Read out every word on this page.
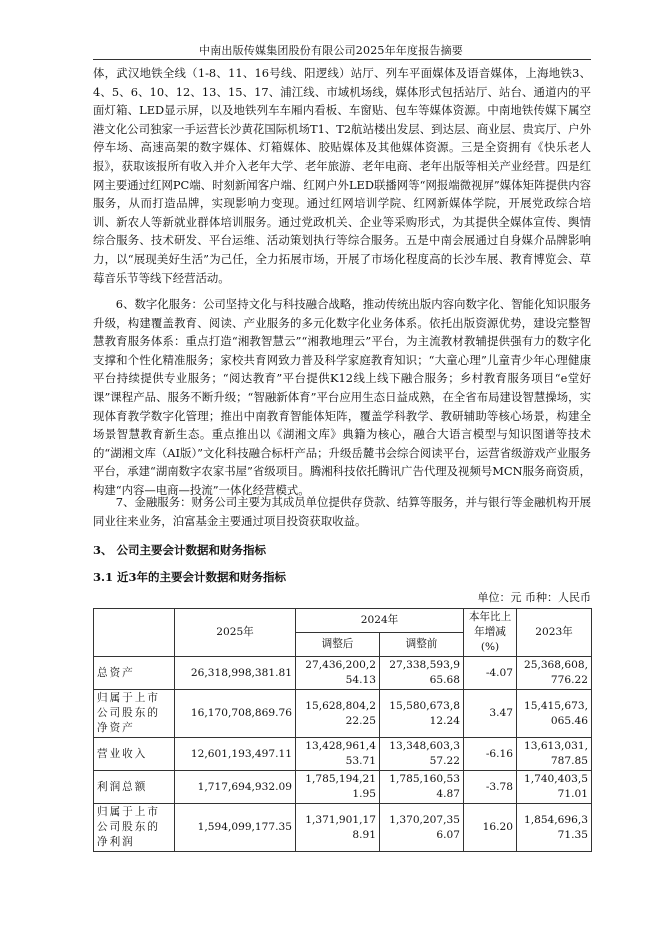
中南出版传媒集团股份有限公司2025年年度报告摘要

体，武汉地铁全线（1-8、11、16号线、阳逻线）站厅、列车平面媒体及语音媒体，上海地铁3、4、5、6、10、12、13、15、17、浦江线、市域机场线，媒体形式包括站厅、站台、通道内的平面灯箱、LED显示屏，以及地铁列车车厢内看板、车窗贴、包车等媒体资源。中南地铁传媒下属空港文化公司独家一手运营长沙黄花国际机场T1、T2航站楼出发层、到达层、商业层、贵宾厅、户外停车场、高速高架的数字媒体、灯箱媒体、胶贴媒体及其他媒体资源。三是全资拥有《快乐老人报》，获取该报所有收入并介入老年大学、老年旅游、老年电商、老年出版等相关产业经营。四是红网主要通过红网PC端、时刻新闻客户端、红网户外LED联播网等“网报端微视屏”媒体矩阵提供内容服务，从而打造品牌，实现影响力变现。通过红网培训学院、红网新媒体学院，开展党政综合培训、新农人等新就业群体培训服务。通过党政机关、企业等采购形式，为其提供全媒体宣传、舆情综合服务、技术研发、平台运维、活动策划执行等综合服务。五是中南会展通过自身媒介品牌影响力，以“展现美好生活”为己任，全力拓展市场，开展了市场化程度高的长沙车展、教育博览会、草莓音乐节等线下经营活动。

6、数字化服务：公司坚持文化与科技融合战略，推动传统出版内容向数字化、智能化知识服务升级，构建覆盖教育、阅读、产业服务的多元化数字化业务体系。依托出版资源优势，建设完整智慧教育服务体系：重点打造“湘教智慧云”“湘教地理云”平台，为主流教材教辅提供强有力的数字化支撑和个性化精准服务；家校共育网致力普及科学家庭教育知识；“大童心理”儿童青少年心理健康平台持续提供专业服务；“阅达教育”平台提供K12线上线下融合服务；乡村教育服务项目“e堂好课”课程产品、服务不断升级；“智融新体育”平台应用生态日益成熟，在全省布局建设智慧操场，实现体育教学数字化管理；推出中南教育智能体矩阵，覆盖学科教学、教研辅助等核心场景，构建全场景智慧教育新生态。重点推出以《湖湘文库》典籍为核心，融合大语言模型与知识图谱等技术的“湖湘文库（AI版）”文化科技融合标杆产品；升级岳麓书会综合阅读平台，运营省级游戏产业服务平台，承建“湖南数字农家书屋”省级项目。腾湘科技依托腾讯广告代理及视频号MCN服务商资质，构建“内容—电商—投流”一体化经营模式。

7、金融服务：财务公司主要为其成员单位提供存贷款、结算等服务，并与银行等金融机构开展同业往来业务，泊富基金主要通过项目投资获取收益。

3、 公司主要会计数据和财务指标
3.1 近3年的主要会计数据和财务指标
单位：元 币种：人民币
	2025年	2024年		本年比上年增减(%)	2023年
		调整后	调整前		
总资产	26,318,998,381.81	27,436,200,254.13	27,338,593,965.68	-4.07	25,368,608,776.22
归属于上市公司股东的净资产	16,170,708,869.76	15,628,804,222.25	15,580,673,812.24	3.47	15,415,673,065.46
营业收入	12,601,193,497.11	13,428,961,453.71	13,348,603,357.22	-6.16	13,613,031,787.85
利润总额	1,717,694,932.09	1,785,194,211.95	1,785,160,534.87	-3.78	1,740,403,571.01
归属于上市公司股东的净利润	1,594,099,177.35	1,371,901,178.91	1,370,207,356.07	16.20	1,854,696,371.35
